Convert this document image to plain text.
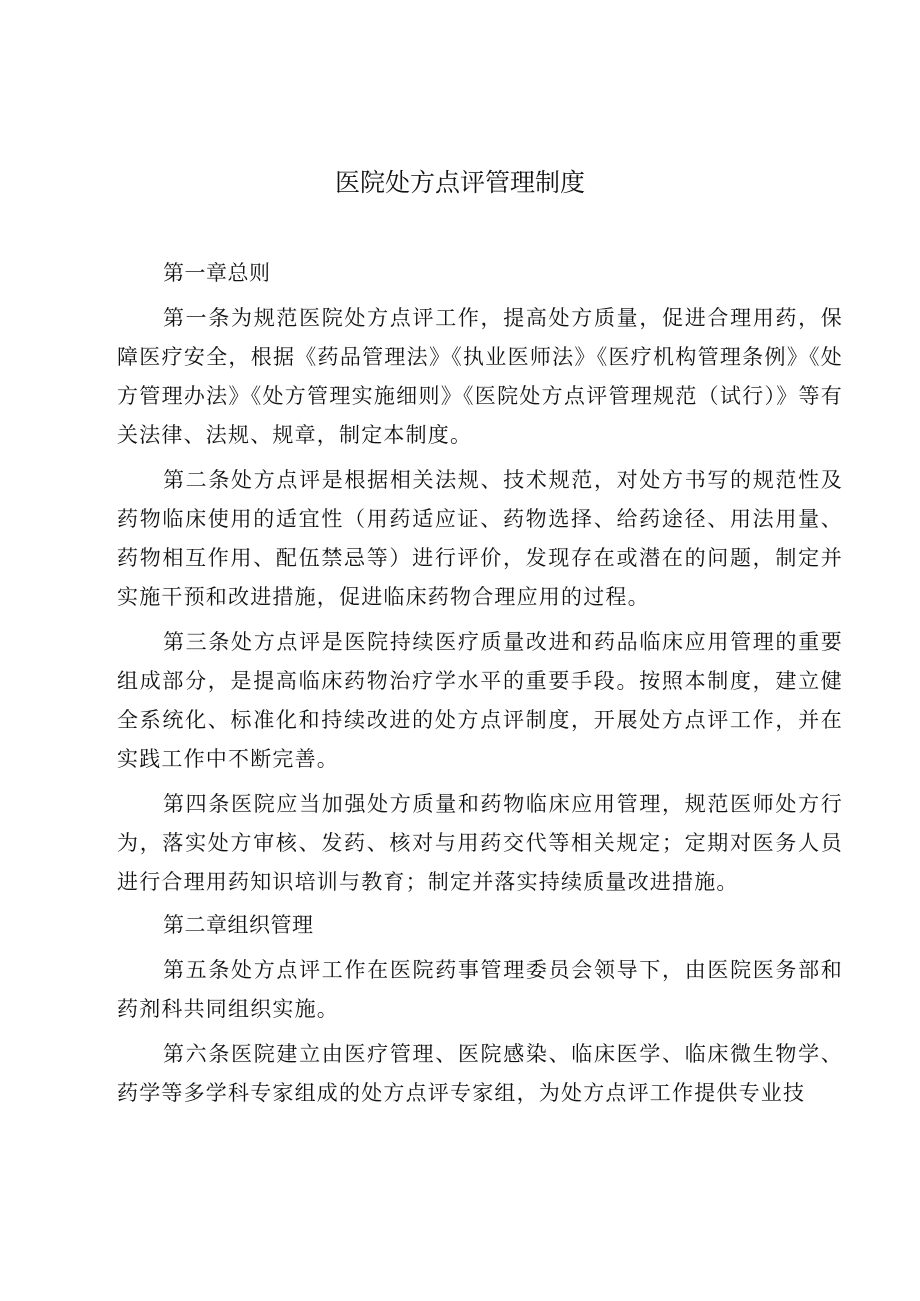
医院处方点评管理制度

第一章总则

第一条为规范医院处方点评工作，提高处方质量，促进合理用药，保障医疗安全，根据《药品管理法》《执业医师法》《医疗机构管理条例》《处方管理办法》《处方管理实施细则》《医院处方点评管理规范（试行）》等有关法律、法规、规章，制定本制度。

第二条处方点评是根据相关法规、技术规范，对处方书写的规范性及药物临床使用的适宜性（用药适应证、药物选择、给药途径、用法用量、药物相互作用、配伍禁忌等）进行评价，发现存在或潜在的问题，制定并实施干预和改进措施，促进临床药物合理应用的过程。

第三条处方点评是医院持续医疗质量改进和药品临床应用管理的重要组成部分，是提高临床药物治疗学水平的重要手段。按照本制度，建立健全系统化、标准化和持续改进的处方点评制度，开展处方点评工作，并在实践工作中不断完善。

第四条医院应当加强处方质量和药物临床应用管理，规范医师处方行为，落实处方审核、发药、核对与用药交代等相关规定；定期对医务人员进行合理用药知识培训与教育；制定并落实持续质量改进措施。

第二章组织管理

第五条处方点评工作在医院药事管理委员会领导下，由医院医务部和药剂科共同组织实施。

第六条医院建立由医疗管理、医院感染、临床医学、临床微生物学、药学等多学科专家组成的处方点评专家组，为处方点评工作提供专业技
